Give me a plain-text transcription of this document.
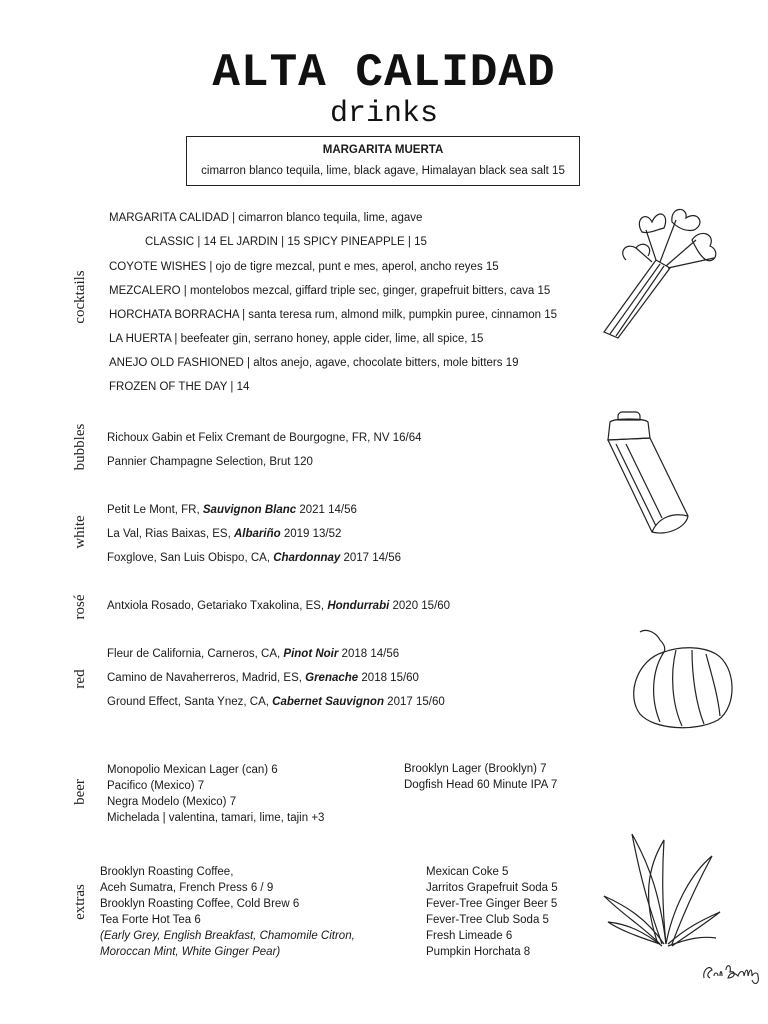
ALTA CALIDAD
drinks
MARGARITA MUERTA
cimarron blanco tequila, lime, black agave, Himalayan black sea salt 15
cocktails
bubbles
white
rosé
red
beer
extras
MARGARITA CALIDAD | cimarron blanco tequila, lime, agave
CLASSIC | 14 EL JARDIN | 15 SPICY PINEAPPLE | 15
COYOTE WISHES | ojo de tigre mezcal, punt e mes, aperol, ancho reyes 15
MEZCALERO | montelobos mezcal, giffard triple sec, ginger, grapefruit bitters, cava 15
HORCHATA BORRACHA | santa teresa rum, almond milk, pumpkin puree, cinnamon 15
LA HUERTA | beefeater gin, serrano honey, apple cider, lime, all spice, 15
ANEJO OLD FASHIONED | altos anejo, agave, chocolate bitters, mole bitters 19
FROZEN OF THE DAY | 14
Richoux Gabin et Felix Cremant de Bourgogne, FR, NV 16/64
Pannier Champagne Selection, Brut 120
Petit Le Mont, FR, Sauvignon Blanc 2021 14/56
La Val, Rias Baixas, ES, Albariño 2019 13/52
Foxglove, San Luis Obispo, CA, Chardonnay 2017 14/56
Antxiola Rosado, Getariako Txakolina, ES, Hondurrabi 2020 15/60
Fleur de California, Carneros, CA, Pinot Noir 2018 14/56
Camino de Navaherreros, Madrid, ES, Grenache 2018 15/60
Ground Effect, Santa Ynez, CA, Cabernet Sauvignon 2017 15/60
Monopolio Mexican Lager (can) 6
Pacifico (Mexico) 7
Negra Modelo (Mexico) 7
Michelada | valentina, tamari, lime, tajin +3
Brooklyn Lager (Brooklyn) 7
Dogfish Head 60 Minute IPA 7
Brooklyn Roasting Coffee,
Aceh Sumatra, French Press 6 / 9
Brooklyn Roasting Coffee, Cold Brew 6
Tea Forte Hot Tea 6
(Early Grey, English Breakfast, Chamomile Citron,
Moroccan Mint, White Ginger Pear)
Mexican Coke 5
Jarritos Grapefruit Soda 5
Fever-Tree Ginger Beer 5
Fever-Tree Club Soda 5
Fresh Limeade 6
Pumpkin Horchata 8
